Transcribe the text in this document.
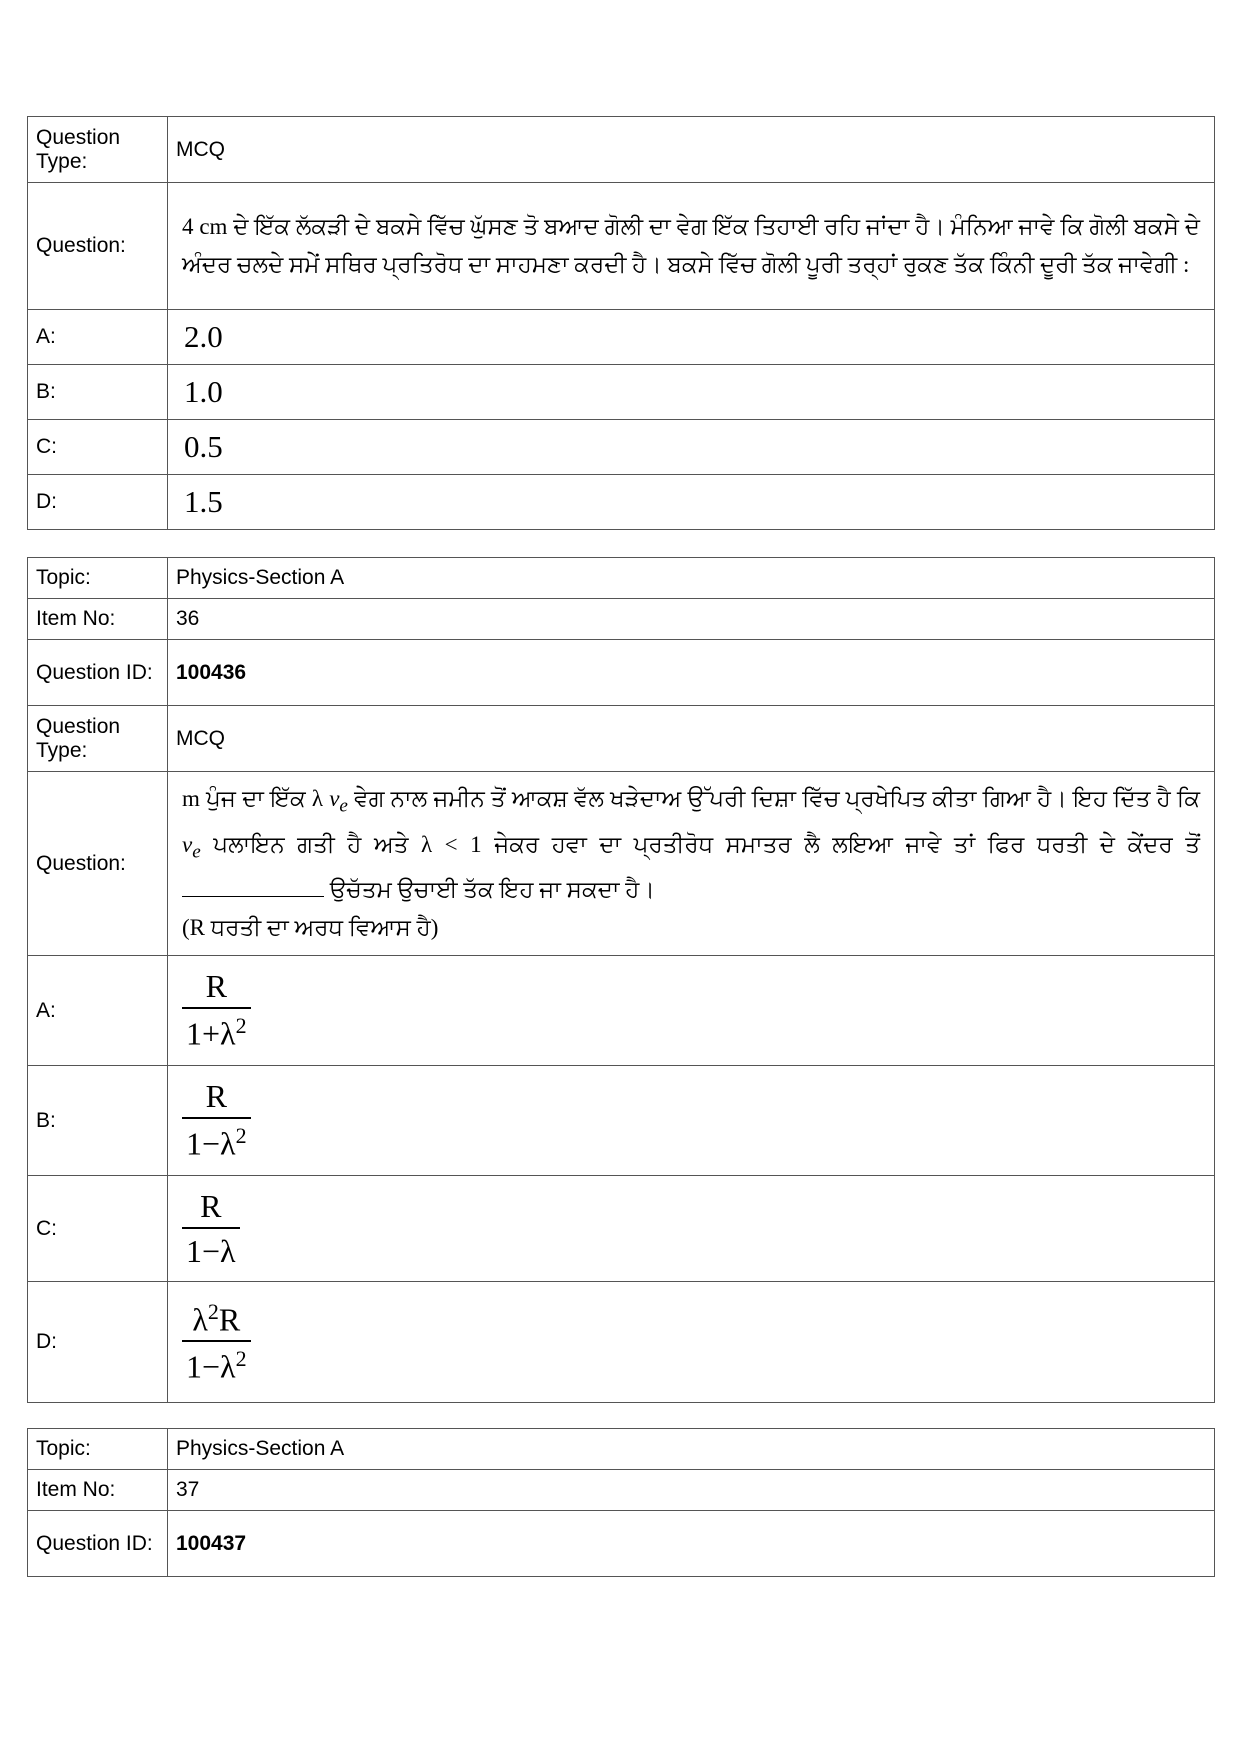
Question Type:	MCQ
Question:	4 cm ਦੇ ਇੱਕ ਲੱਕੜੀ ਦੇ ਬਕਸੇ ਵਿੱਚ ਘੁੱਸਣ ਤੋ ਬਆਦ ਗੋਲੀ ਦਾ ਵੇਗ ਇੱਕ ਤਿਹਾਈ ਰਹਿ ਜਾਂਦਾ ਹੈ। ਮੰਨਿਆ ਜਾਵੇ ਕਿ ਗੋਲੀ ਬਕਸੇ ਦੇ ਅੰਦਰ ਚਲਦੇ ਸਮੇਂ ਸਥਿਰ ਪ੍ਰਤਿਰੋਧ ਦਾ ਸਾਹਮਣਾ ਕਰਦੀ ਹੈ। ਬਕਸੇ ਵਿੱਚ ਗੋਲੀ ਪੂਰੀ ਤਰ੍ਹਾਂ ਰੁਕਣ ਤੱਕ ਕਿੰਨੀ ਦੂਰੀ ਤੱਕ ਜਾਵੇਗੀ :
A:	2.0
B:	1.0
C:	0.5
D:	1.5
Topic:	Physics-Section A
Item No:	36
Question ID:	100436
Question Type:	MCQ
Question:	m ਪੁੰਜ ਦਾ ਇੱਕ λ $v_e$ ਵੇਗ ਨਾਲ ਜਮੀਨ ਤੋਂ ਆਕਸ਼ ਵੱਲ ਖੜੇਦਾਅ ਉੱਪਰੀ ਦਿਸ਼ਾ ਵਿੱਚ ਪ੍ਰਖੇਪਿਤ ਕੀਤਾ ਗਿਆ ਹੈ। ਇਹ ਦਿੱਤ ਹੈ ਕਿ $v_e$ ਪਲਾਇਨ ਗਤੀ ਹੈ ਅਤੇ λ < 1 ਜੇਕਰ ਹਵਾ ਦਾ ਪ੍ਰਤੀਰੋਧ ਸਮਾਤਰ ਲੈ ਲਇਆ ਜਾਵੇ ਤਾਂ ਫਿਰ ਧਰਤੀ ਦੇ ਕੇਂਦਰ ਤੋਂ  ਉਚੱਤਮ ਉਚਾਈ ਤੱਕ ਇਹ ਜਾ ਸਕਦਾ ਹੈ।
(R ਧਰਤੀ ਦਾ ਅਰਧ ਵਿਆਸ ਹੈ)
A:	$\frac{R}{1+\lambda^2}$

B:	$\frac{R}{1-\lambda^2}$

C:	$\frac{R}{1-\lambda}$

D:	$\frac{\lambda^2R}{1-\lambda^2}$
Topic:	Physics-Section A
Item No:	37
Question ID:	100437
